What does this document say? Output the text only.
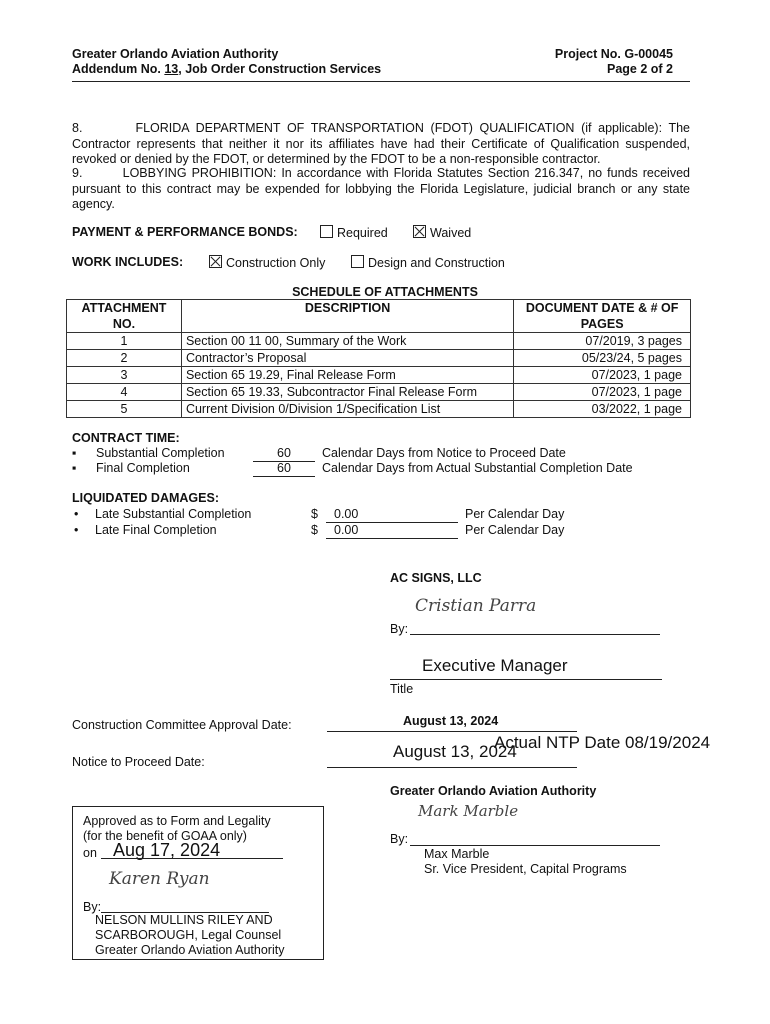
Greater Orlando Aviation Authority
Addendum No. 13, Job Order Construction Services
Project No. G-00045
Page 2 of 2
8.        FLORIDA DEPARTMENT OF TRANSPORTATION (FDOT) QUALIFICATION (if applicable): The Contractor represents that neither it nor its affiliates have had their Certificate of Qualification suspended, revoked or denied by the FDOT, or determined by the FDOT to be a non-responsible contractor.
9.        LOBBYING PROHIBITION: In accordance with Florida Statutes Section 216.347, no funds received pursuant to this contract may be expended for lobbying the Florida Legislature, judicial branch or any state agency.
PAYMENT & PERFORMANCE BONDS:	Required	Waived
WORK INCLUDES:	Construction Only	Design and Construction
SCHEDULE OF ATTACHMENTS
ATTACHMENT NO.	DESCRIPTION	DOCUMENT DATE & # OF PAGES
1	Section 00 11 00, Summary of the Work	07/2019, 3 pages
2	Contractor’s Proposal	05/23/24, 5 pages
3	Section 65 19.29, Final Release Form	07/2023, 1 page
4	Section 65 19.33, Subcontractor Final Release Form	07/2023, 1 page
5	Current Division 0/Division 1/Specification List	03/2022, 1 page
CONTRACT TIME:
▪ Substantial Completion	60	Calendar Days from Notice to Proceed Date
▪ Final Completion	60	Calendar Days from Actual Substantial Completion Date
LIQUIDATED DAMAGES:
• Late Substantial Completion	$	0.00	Per Calendar Day
• Late Final Completion	$	0.00	Per Calendar Day
AC SIGNS, LLC
Cristian Parra
By:
Executive Manager
Title
Construction Committee Approval Date:	August 13, 2024
Notice to Proceed Date:
August 13, 2024
Actual NTP Date 08/19/2024
Greater Orlando Aviation Authority
Mark Marble
By:
Max Marble
Sr. Vice President, Capital Programs
Approved as to Form and Legality
(for the benefit of GOAA only)
on Aug 17, 2024
Karen Ryan
By:
NELSON MULLINS RILEY AND
SCARBOROUGH, Legal Counsel
Greater Orlando Aviation Authority
